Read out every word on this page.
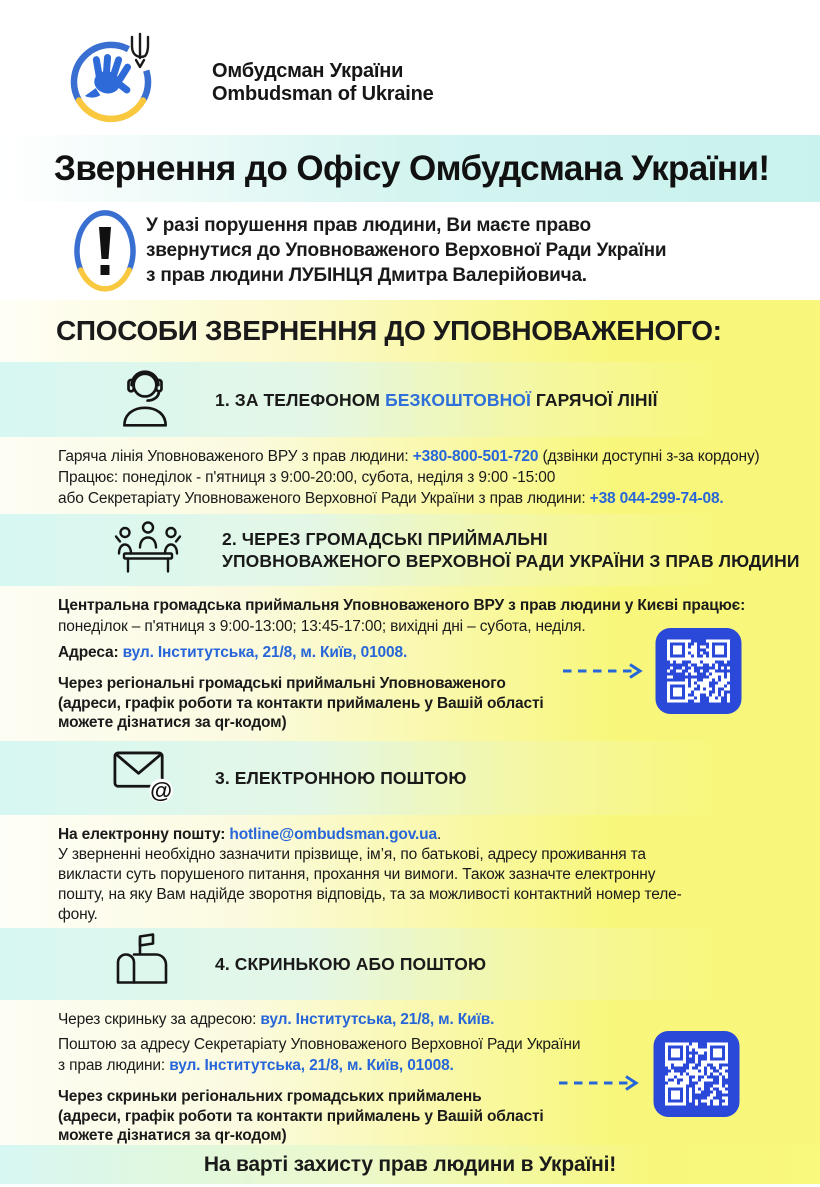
Омбудсман України
Ombudsman of Ukraine
Звернення до Офісу Омбудсмана України!

У разі порушення прав людини, Ви маєте право

звернутися до Уповноваженого Верховної Ради України

з прав людини ЛУБІНЦЯ Дмитра Валерійовича.

СПОСОБИ ЗВЕРНЕННЯ ДО УПОВНОВАЖЕНОГО:
1. ЗА ТЕЛЕФОНОМ БЕЗКОШТОВНОЇ ГАРЯЧОЇ ЛІНІЇ

Гаряча лінія Уповноваженого ВРУ з прав людини: +380-800-501-720 (дзвінки доступні з-за кордону)

Працює: понеділок - п'ятниця з 9:00-20:00, субота, неділя з 9:00 -15:00

або Секретаріату Уповноваженого Верховної Ради України з прав людини: +38 044-299-74-08.

2. ЧЕРЕЗ ГРОМАДСЬКІ ПРИЙМАЛЬНІ
УПОВНОВАЖЕНОГО ВЕРХОВНОЇ РАДИ УКРАЇНИ З ПРАВ ЛЮДИНИ

Центральна громадська приймальня Уповноваженого ВРУ з прав людини у Києві працює:

понеділок – п'ятниця з 9:00-13:00; 13:45-17:00; вихідні дні – субота, неділя.

Адреса: вул. Інститутська, 21/8, м. Київ, 01008.

Через регіональні громадські приймальні Уповноваженого

(адреси, графік роботи та контакти приймалень у Вашій області

можете дізнатися за qr-кодом)

@
3. ЕЛЕКТРОННОЮ ПОШТОЮ

На електронну пошту: hotline@ombudsman.gov.ua.

У зверненні необхідно зазначити прізвище, ім’я, по батькові, адресу проживання та

викласти суть порушеного питання, прохання чи вимоги. Також зазначте електронну

пошту, на яку Вам надійде зворотня відповідь, та за можливості контактний номер теле-

фону.

4. СКРИНЬКОЮ АБО ПОШТОЮ

Через скриньку за адресою: вул. Інститутська, 21/8, м. Київ.

Поштою за адресу Секретаріату Уповноваженого Верховної Ради України

з прав людини: вул. Інститутська, 21/8, м. Київ, 01008.

Через скриньки регіональних громадських приймалень

(адреси, графік роботи та контакти приймалень у Вашій області

можете дізнатися за qr-кодом)

На варті захисту прав людини в Україні!
